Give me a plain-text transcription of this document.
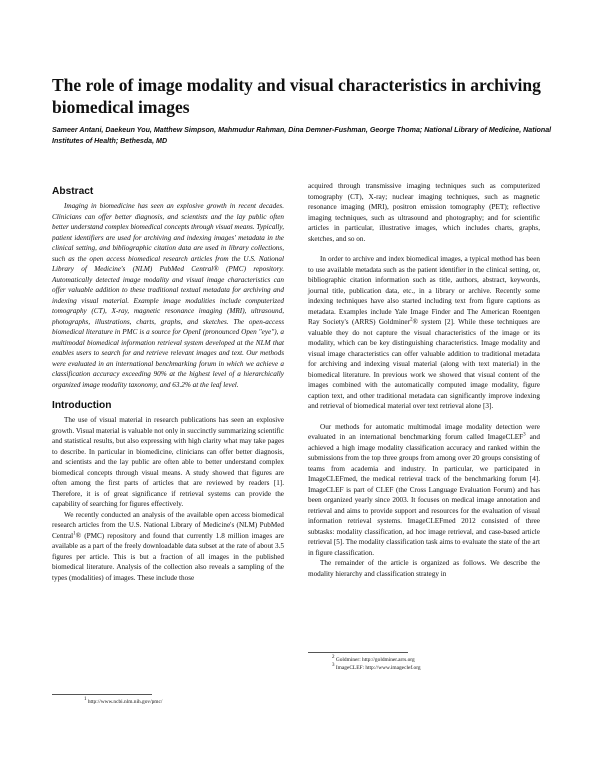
The role of image modality and visual characteristics in archiving biomedical images
Sameer Antani, Daekeun You, Matthew Simpson, Mahmudur Rahman, Dina Demner-Fushman, George Thoma; National Library of Medicine, National Institutes of Health; Bethesda, MD
Abstract

Imaging in biomedicine has seen an explosive growth in recent decades. Clinicians can offer better diagnosis, and scientists and the lay public often better understand complex biomedical concepts through visual means. Typically, patient identifiers are used for archiving and indexing images' metadata in the clinical setting, and bibliographic citation data are used in library collections, such as the open access biomedical research articles from the U.S. National Library of Medicine's (NLM) PubMed Central® (PMC) repository. Automatically detected image modality and visual image characteristics can offer valuable addition to these traditional textual metadata for archiving and indexing visual material. Example image modalities include computerized tomography (CT), X-ray, magnetic resonance imaging (MRI), ultrasound, photographs, illustrations, charts, graphs, and sketches. The open-access biomedical literature in PMC is a source for OpenI (pronounced Open "eye"), a multimodal biomedical information retrieval system developed at the NLM that enables users to search for and retrieve relevant images and text. Our methods were evaluated in an international benchmarking forum in which we achieve a classification accuracy exceeding 90% at the highest level of a hierarchically organized image modality taxonomy, and 63.2% at the leaf level.

Introduction

The use of visual material in research publications has seen an explosive growth. Visual material is valuable not only in succinctly summarizing scientific and statistical results, but also expressing with high clarity what may take pages to describe. In particular in biomedicine, clinicians can offer better diagnosis, and scientists and the lay public are often able to better understand complex biomedical concepts through visual means. A study showed that figures are often among the first parts of articles that are reviewed by readers [1]. Therefore, it is of great significance if retrieval systems can provide the capability of searching for figures effectively.

We recently conducted an analysis of the available open access biomedical research articles from the U.S. National Library of Medicine's (NLM) PubMed Central$^1$® (PMC) repository and found that currently 1.8 million images are available as a part of the freely downloadable data subset at the rate of about 3.5 figures per article. This is but a fraction of all images in the published biomedical literature. Analysis of the collection also reveals a sampling of the types (modalities) of images. These include those

acquired through transmissive imaging techniques such as computerized tomography (CT), X-ray; nuclear imaging techniques, such as magnetic resonance imaging (MRI), positron emission tomography (PET); reflective imaging techniques, such as ultrasound and photography; and for scientific articles in particular, illustrative images, which includes charts, graphs, sketches, and so on.

In order to archive and index biomedical images, a typical method has been to use available metadata such as the patient identifier in the clinical setting, or, bibliographic citation information such as title, authors, abstract, keywords, journal title, publication data, etc., in a library or archive. Recently some indexing techniques have also started including text from figure captions as metadata. Examples include Yale Image Finder and The American Roentgen Ray Society's (ARRS) Goldminer$^2$® system [2]. While these techniques are valuable they do not capture the visual characteristics of the image or its modality, which can be key distinguishing characteristics. Image modality and visual image characteristics can offer valuable addition to traditional metadata for archiving and indexing visual material (along with text material) in the biomedical literature. In previous work we showed that visual content of the images combined with the automatically computed image modality, figure caption text, and other traditional metadata can significantly improve indexing and retrieval of biomedical material over text retrieval alone [3].

Our methods for automatic multimodal image modality detection were evaluated in an international benchmarking forum called ImageCLEF$^3$ and achieved a high image modality classification accuracy and ranked within the submissions from the top three groups from among over 20 groups consisting of teams from academia and industry. In particular, we participated in ImageCLEFmed, the medical retrieval track of the benchmarking forum [4]. ImageCLEF is part of CLEF (the Cross Language Evaluation Forum) and has been organized yearly since 2003. It focuses on medical image annotation and retrieval and aims to provide support and resources for the evaluation of visual information retrieval systems. ImageCLEFmed 2012 consisted of three subtasks: modality classification, ad hoc image retrieval, and case-based article retrieval [5]. The modality classification task aims to evaluate the state of the art in figure classification.

The remainder of the article is organized as follows. We describe the modality hierarchy and classification strategy in

$^1$ http://www.ncbi.nlm.nih.gov/pmc/

$^2$ Goldminer: http://goldminer.arrs.org

$^3$ ImageCLEF: http://www.imageclef.org
